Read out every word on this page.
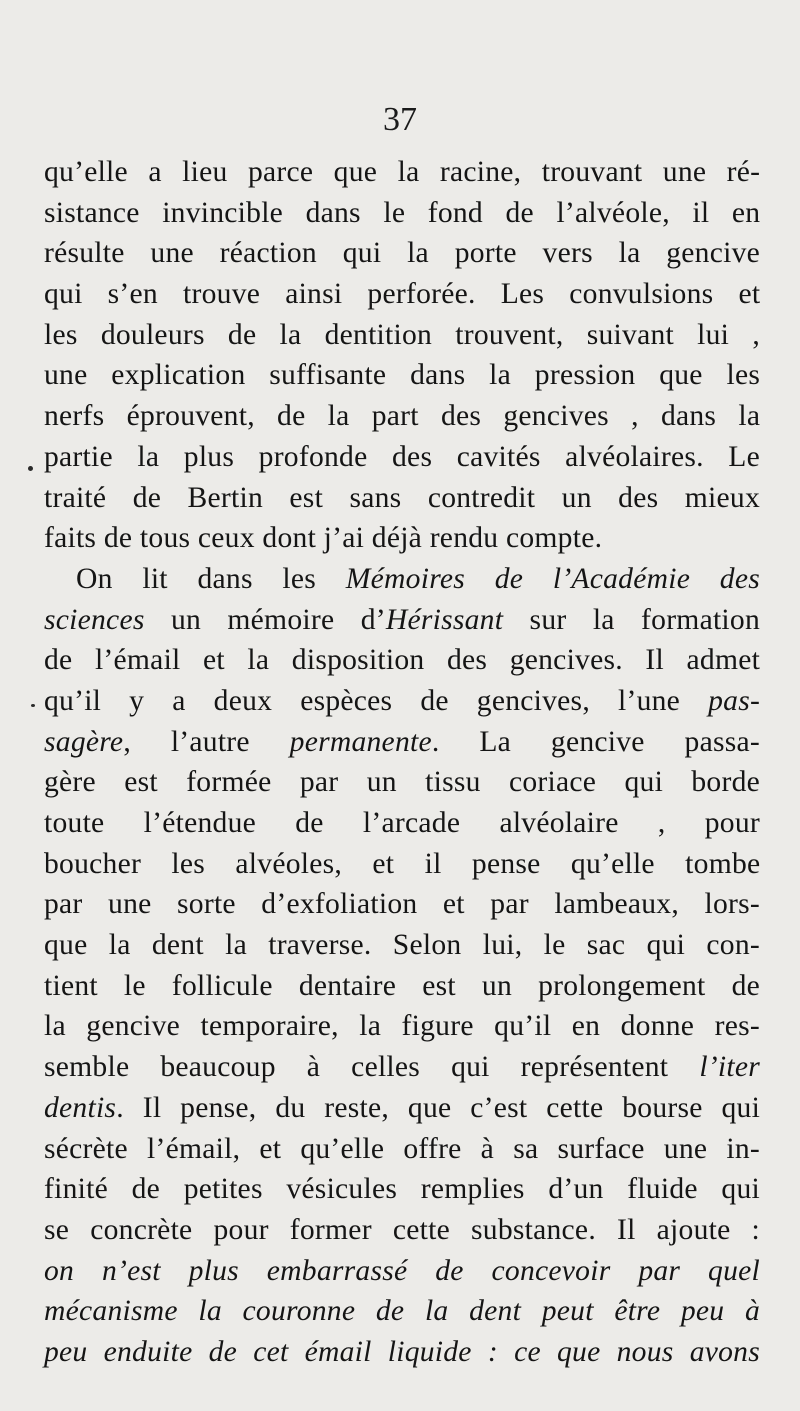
37
qu’elle a lieu parce que la racine, trouvant une ré-
sistance invincible dans le fond de l’alvéole, il en
résulte une réaction qui la porte vers la gencive
qui s’en trouve ainsi perforée. Les convulsions et
les douleurs de la dentition trouvent, suivant lui ,
une explication suffisante dans la pression que les
nerfs éprouvent, de la part des gencives , dans la
partie la plus profonde des cavités alvéolaires. Le
traité de Bertin est sans contredit un des mieux
faits de tous ceux dont j’ai déjà rendu compte.
On lit dans les Mémoires de l’Académie des
sciences un mémoire d’Hérissant sur la formation
de l’émail et la disposition des gencives. Il admet
qu’il y a deux espèces de gencives, l’une pas-
sagère, l’autre permanente. La gencive passa-
gère est formée par un tissu coriace qui borde
toute l’étendue de l’arcade alvéolaire , pour
boucher les alvéoles, et il pense qu’elle tombe
par une sorte d’exfoliation et par lambeaux, lors-
que la dent la traverse. Selon lui, le sac qui con-
tient le follicule dentaire est un prolongement de
la gencive temporaire, la figure qu’il en donne res-
semble beaucoup à celles qui représentent l’iter
dentis. Il pense, du reste, que c’est cette bourse qui
sécrète l’émail, et qu’elle offre à sa surface une in-
finité de petites vésicules remplies d’un fluide qui
se concrète pour former cette substance. Il ajoute :
on n’est plus embarrassé de concevoir par quel
mécanisme la couronne de la dent peut être peu à
peu enduite de cet émail liquide : ce que nous avons
